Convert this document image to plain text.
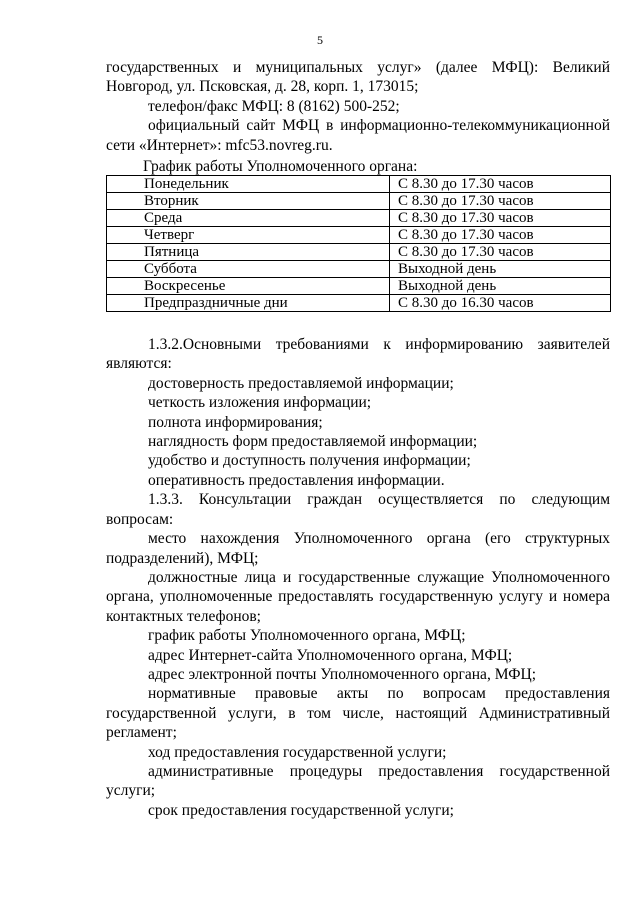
5

государственных и муниципальных услуг» (далее МФЦ): Великий Новгород, ул. Псковская, д. 28, корп. 1, 173015;

телефон/факс МФЦ: 8 (8162) 500-252;

официальный сайт МФЦ в информационно-телекоммуникационной сети «Интернет»: mfc53.novreg.ru.

График работы Уполномоченного органа:

Понедельник	С 8.30 до 17.30 часов
Вторник	С 8.30 до 17.30 часов
Среда	С 8.30 до 17.30 часов
Четверг	С 8.30 до 17.30 часов
Пятница	С 8.30 до 17.30 часов
Суббота	Выходной день
Воскресенье	Выходной день
Предпраздничные дни	С 8.30 до 16.30 часов

1.3.2.Основными требованиями к информированию заявителей являются:

достоверность предоставляемой информации;

четкость изложения информации;

полнота информирования;

наглядность форм предоставляемой информации;

удобство и доступность получения информации;

оперативность предоставления информации.

1.3.3. Консультации граждан осуществляется по следующим вопросам:

место нахождения Уполномоченного органа (его структурных подразделений), МФЦ;

должностные лица и государственные служащие Уполномоченного органа, уполномоченные предоставлять государственную услугу и номера контактных телефонов;

график работы Уполномоченного органа, МФЦ;

адрес Интернет-сайта Уполномоченного органа, МФЦ;

адрес электронной почты Уполномоченного органа, МФЦ;

нормативные правовые акты по вопросам предоставления государственной услуги, в том числе, настоящий Административный регламент;

ход предоставления государственной услуги;

административные процедуры предоставления государственной услуги;

срок предоставления государственной услуги;
